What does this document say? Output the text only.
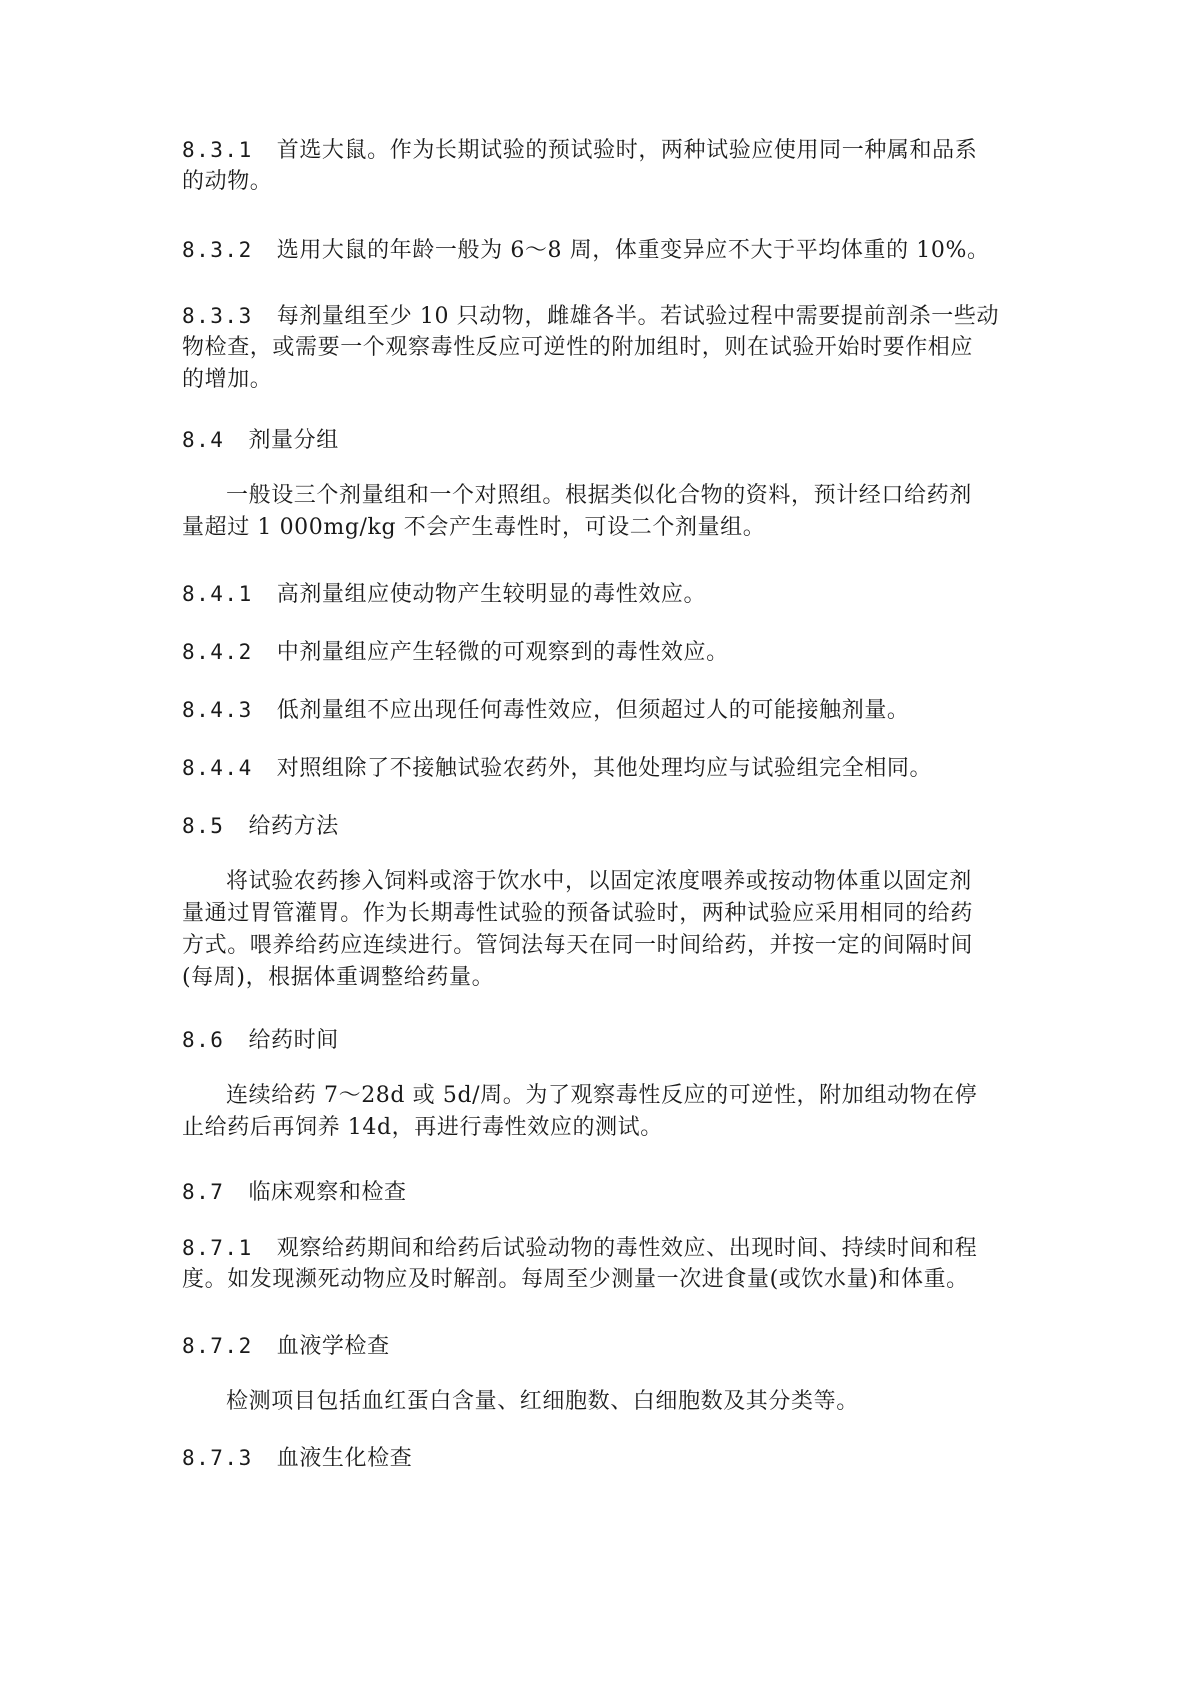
8.3.1 首选大鼠。作为长期试验的预试验时，两种试验应使用同一种属和品系
的动物。
8.3.2 选用大鼠的年龄一般为 6～8 周，体重变异应不大于平均体重的 10%。
8.3.3 每剂量组至少 10 只动物，雌雄各半。若试验过程中需要提前剖杀一些动
物检查，或需要一个观察毒性反应可逆性的附加组时，则在试验开始时要作相应
的增加。
8.4 剂量分组
一般设三个剂量组和一个对照组。根据类似化合物的资料，预计经口给药剂
量超过 1 000mg/kg 不会产生毒性时，可设二个剂量组。
8.4.1 高剂量组应使动物产生较明显的毒性效应。
8.4.2 中剂量组应产生轻微的可观察到的毒性效应。
8.4.3 低剂量组不应出现任何毒性效应，但须超过人的可能接触剂量。
8.4.4 对照组除了不接触试验农药外，其他处理均应与试验组完全相同。
8.5 给药方法
将试验农药掺入饲料或溶于饮水中，以固定浓度喂养或按动物体重以固定剂
量通过胃管灌胃。作为长期毒性试验的预备试验时，两种试验应采用相同的给药
方式。喂养给药应连续进行。管饲法每天在同一时间给药，并按一定的间隔时间
(每周)，根据体重调整给药量。
8.6 给药时间
连续给药 7～28d 或 5d/周。为了观察毒性反应的可逆性，附加组动物在停
止给药后再饲养 14d，再进行毒性效应的测试。
8.7 临床观察和检查
8.7.1 观察给药期间和给药后试验动物的毒性效应、出现时间、持续时间和程
度。如发现濒死动物应及时解剖。每周至少测量一次进食量(或饮水量)和体重。
8.7.2 血液学检查
检测项目包括血红蛋白含量、红细胞数、白细胞数及其分类等。
8.7.3 血液生化检查
